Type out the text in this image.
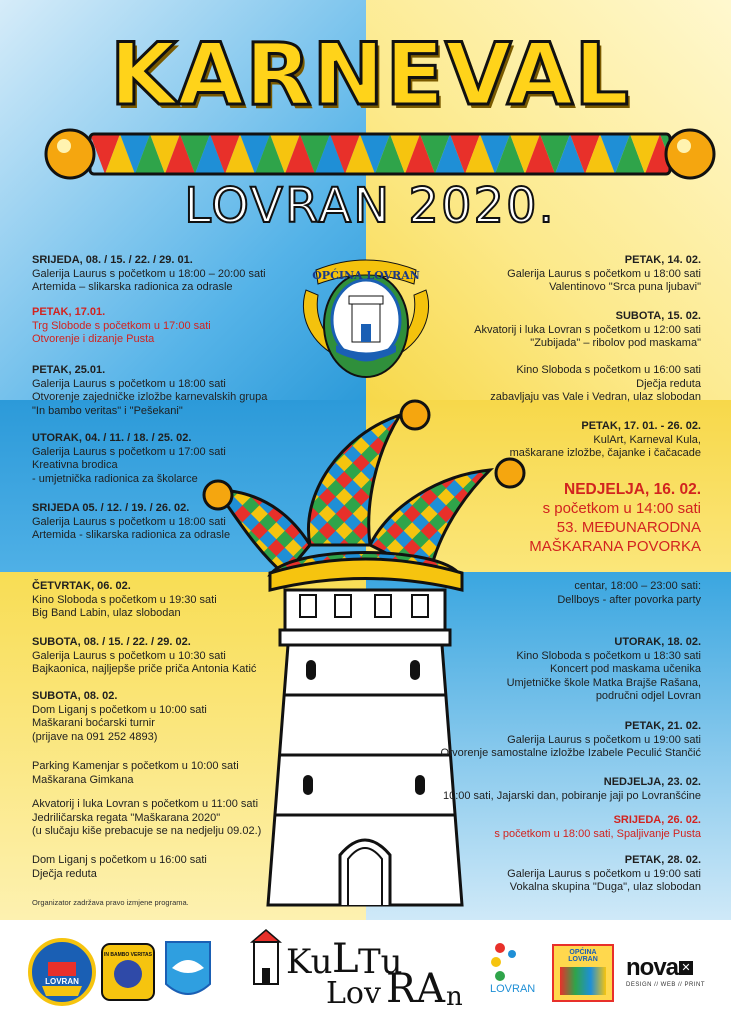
KARNEVAL
LOVRAN 2020.
OPĆINA LOVRAN
SRIJEDA, 08. / 15. / 22. / 29. 01.
Galerija Laurus s početkom u 18:00 – 20:00 sati
Artemida – slikarska radionica za odrasle
PETAK, 17.01.
Trg Slobode s početkom u 17:00 sati
Otvorenje i dizanje Pusta
PETAK, 25.01.
Galerija Laurus s početkom u 18:00 sati
Otvorenje zajedničke izložbe karnevalskih grupa
"In bambo veritas" i "Pešekani"
UTORAK, 04. / 11. / 18. / 25. 02.
Galerija Laurus s početkom u 17:00 sati
Kreativna brodica
- umjetnička radionica za školarce
SRIJEDA 05. / 12. / 19. / 26. 02.
Galerija Laurus s početkom u 18:00 sati
Artemida - slikarska radionica za odrasle
ČETVRTAK, 06. 02.
Kino Sloboda s početkom u 19:30 sati
Big Band Labin, ulaz slobodan
SUBOTA, 08. / 15. / 22. / 29. 02.
Galerija Laurus s početkom u 10:30 sati
Bajkaonica, najljepše priče priča Antonia Katić
SUBOTA, 08. 02.
Dom Liganj s početkom u 10:00 sati
Maškarani boćarski turnir
(prijave na 091 252 4893)
Parking Kamenjar s početkom u 10:00 sati
Maškarana Gimkana
Akvatorij i luka Lovran s početkom u 11:00 sati
Jedriličarska regata "Maškarana 2020"
(u slučaju kiše prebacuje se na nedjelju 09.02.)
Dom Liganj s početkom u 16:00 sati
Dječja reduta
PETAK, 14. 02.
Galerija Laurus s početkom u 18:00 sati
Valentinovo "Srca puna ljubavi"
SUBOTA, 15. 02.
Akvatorij i luka Lovran s početkom u 12:00 sati
"Zubijada" – ribolov pod maskama"
Kino Sloboda s početkom u 16:00 sati
Dječja reduta
zabavljaju vas Vale i Vedran, ulaz slobodan
PETAK, 17. 01. - 26. 02.
KulArt, Karneval Kula,
maškarane izložbe, čajanke i čačacade
NEDJELJA, 16. 02.
s početkom u 14:00 sati
53. MEĐUNARODNA
MAŠKARANA POVORKA
centar, 18:00 – 23:00 sati:
Dellboys - after povorka party
UTORAK, 18. 02.
Kino Sloboda s početkom u 18:30 sati
Koncert pod maskama učenika
Umjetničke škole Matka Brajše Rašana,
područni odjel Lovran
PETAK, 21. 02.
Galerija Laurus s početkom u 19:00 sati
Otvorenje samostalne izložbe Izabele Peculić Stančić
NEDJELJA, 23. 02.
10:00 sati, Jajarski dan, pobiranje jaji po Lovranšćine
SRIJEDA, 26. 02.
s početkom u 18:00 sati, Spaljivanje Pusta
PETAK, 28. 02.
Galerija Laurus s početkom u 19:00 sati
Vokalna skupina "Duga", ulaz slobodan
Organizator zadržava pravo izmjene programa.
LOVRAN
IN BAMBO VERITAS	Ku L Tu
Lov RA n LOVRAN
OPĆINA LOVRAN	nova ✕
DESIGN // WEB // PRINT
